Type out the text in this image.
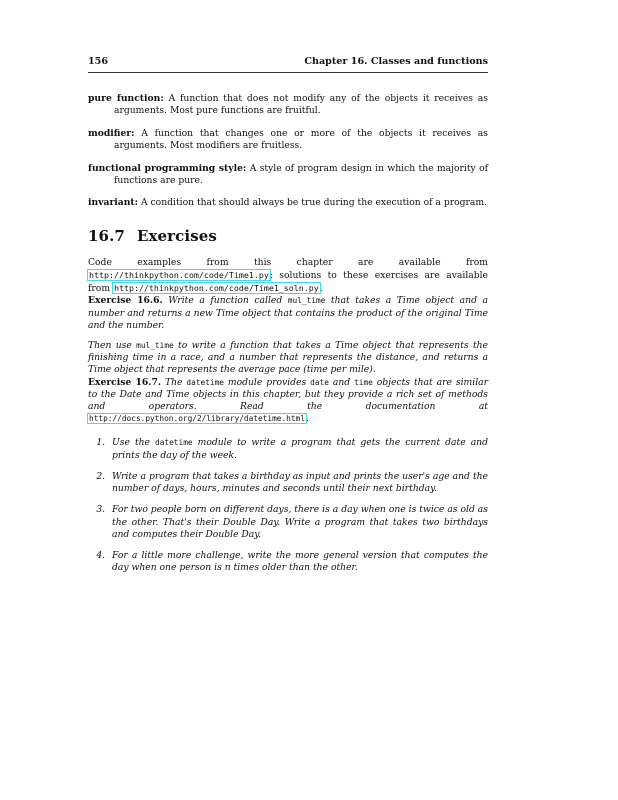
156	Chapter 16. Classes and functions

pure function: A function that does not modify any of the objects it receives as arguments. Most pure functions are fruitful.

modifier: A function that changes one or more of the objects it receives as arguments. Most modifiers are fruitless.

functional programming style: A style of program design in which the majority of functions are pure.

invariant: A condition that should always be true during the execution of a program.

16.7 Exercises

Code examples from this chapter are available from http://thinkpython.com/code/Time1.py; solutions to these exercises are available from http://thinkpython.com/code/Time1_soln.py.

Exercise 16.6. Write a function called mul_time that takes a Time object and a number and returns a new Time object that contains the product of the original Time and the number.

Then use mul_time to write a function that takes a Time object that represents the finishing time in a race, and a number that represents the distance, and returns a Time object that represents the average pace (time per mile).

Exercise 16.7. The datetime module provides date and time objects that are similar to the Date and Time objects in this chapter, but they provide a rich set of methods and operators. Read the documentation at http://docs.python.org/2/library/datetime.html.

1. Use the datetime module to write a program that gets the current date and prints the day of the week.
2. Write a program that takes a birthday as input and prints the user's age and the number of days, hours, minutes and seconds until their next birthday.
3. For two people born on different days, there is a day when one is twice as old as the other. That's their Double Day. Write a program that takes two birthdays and computes their Double Day.
4. For a little more challenge, write the more general version that computes the day when one person is n times older than the other.
